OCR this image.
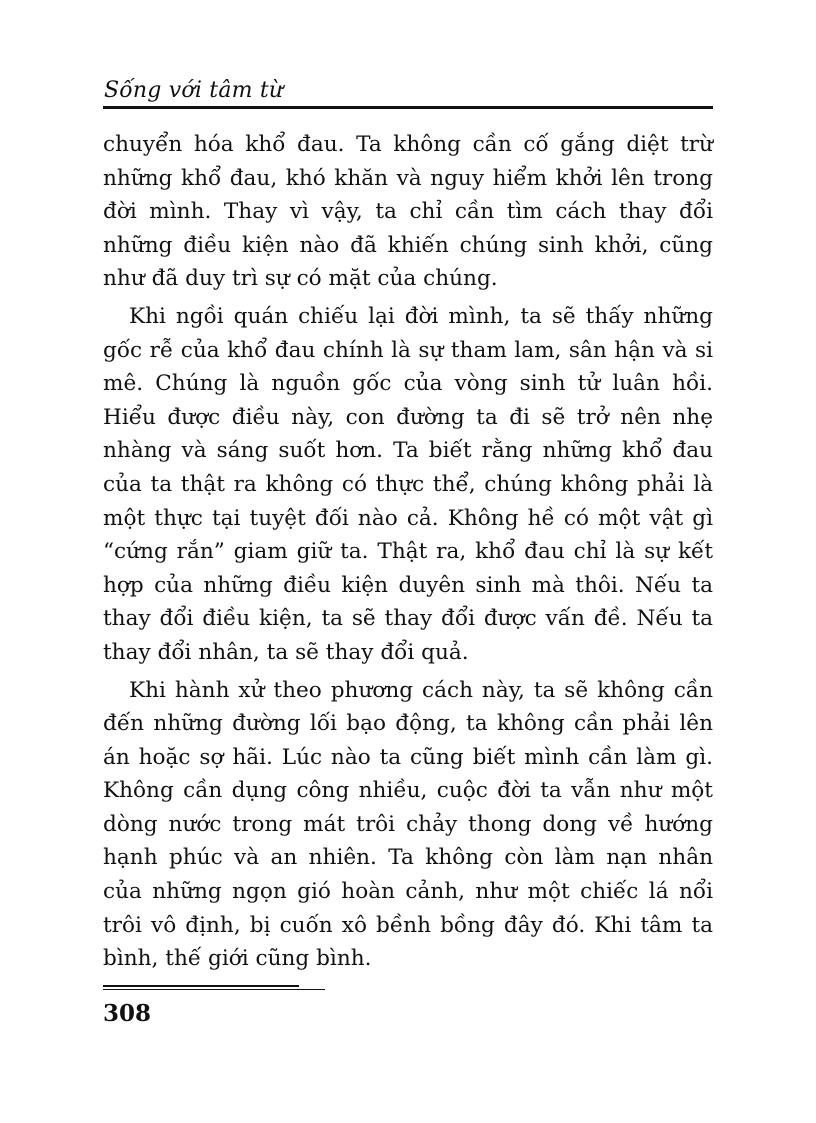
Sống với tâm từ

chuyển hóa khổ đau. Ta không cần cố gắng diệt trừ những khổ đau, khó khăn và nguy hiểm khởi lên trong đời mình. Thay vì vậy, ta chỉ cần tìm cách thay đổi những điều kiện nào đã khiến chúng sinh khởi, cũng như đã duy trì sự có mặt của chúng.

Khi ngồi quán chiếu lại đời mình, ta sẽ thấy những gốc rễ của khổ đau chính là sự tham lam, sân hận và si mê. Chúng là nguồn gốc của vòng sinh tử luân hồi. Hiểu được điều này, con đường ta đi sẽ trở nên nhẹ nhàng và sáng suốt hơn. Ta biết rằng những khổ đau của ta thật ra không có thực thể, chúng không phải là một thực tại tuyệt đối nào cả. Không hề có một vật gì “cứng rắn” giam giữ ta. Thật ra, khổ đau chỉ là sự kết hợp của những điều kiện duyên sinh mà thôi. Nếu ta thay đổi điều kiện, ta sẽ thay đổi được vấn đề. Nếu ta thay đổi nhân, ta sẽ thay đổi quả.

Khi hành xử theo phương cách này, ta sẽ không cần đến những đường lối bạo động, ta không cần phải lên án hoặc sợ hãi. Lúc nào ta cũng biết mình cần làm gì. Không cần dụng công nhiều, cuộc đời ta vẫn như một dòng nước trong mát trôi chảy thong dong về hướng hạnh phúc và an nhiên. Ta không còn làm nạn nhân của những ngọn gió hoàn cảnh, như một chiếc lá nổi trôi vô định, bị cuốn xô bềnh bồng đây đó. Khi tâm ta bình, thế giới cũng bình.

308
